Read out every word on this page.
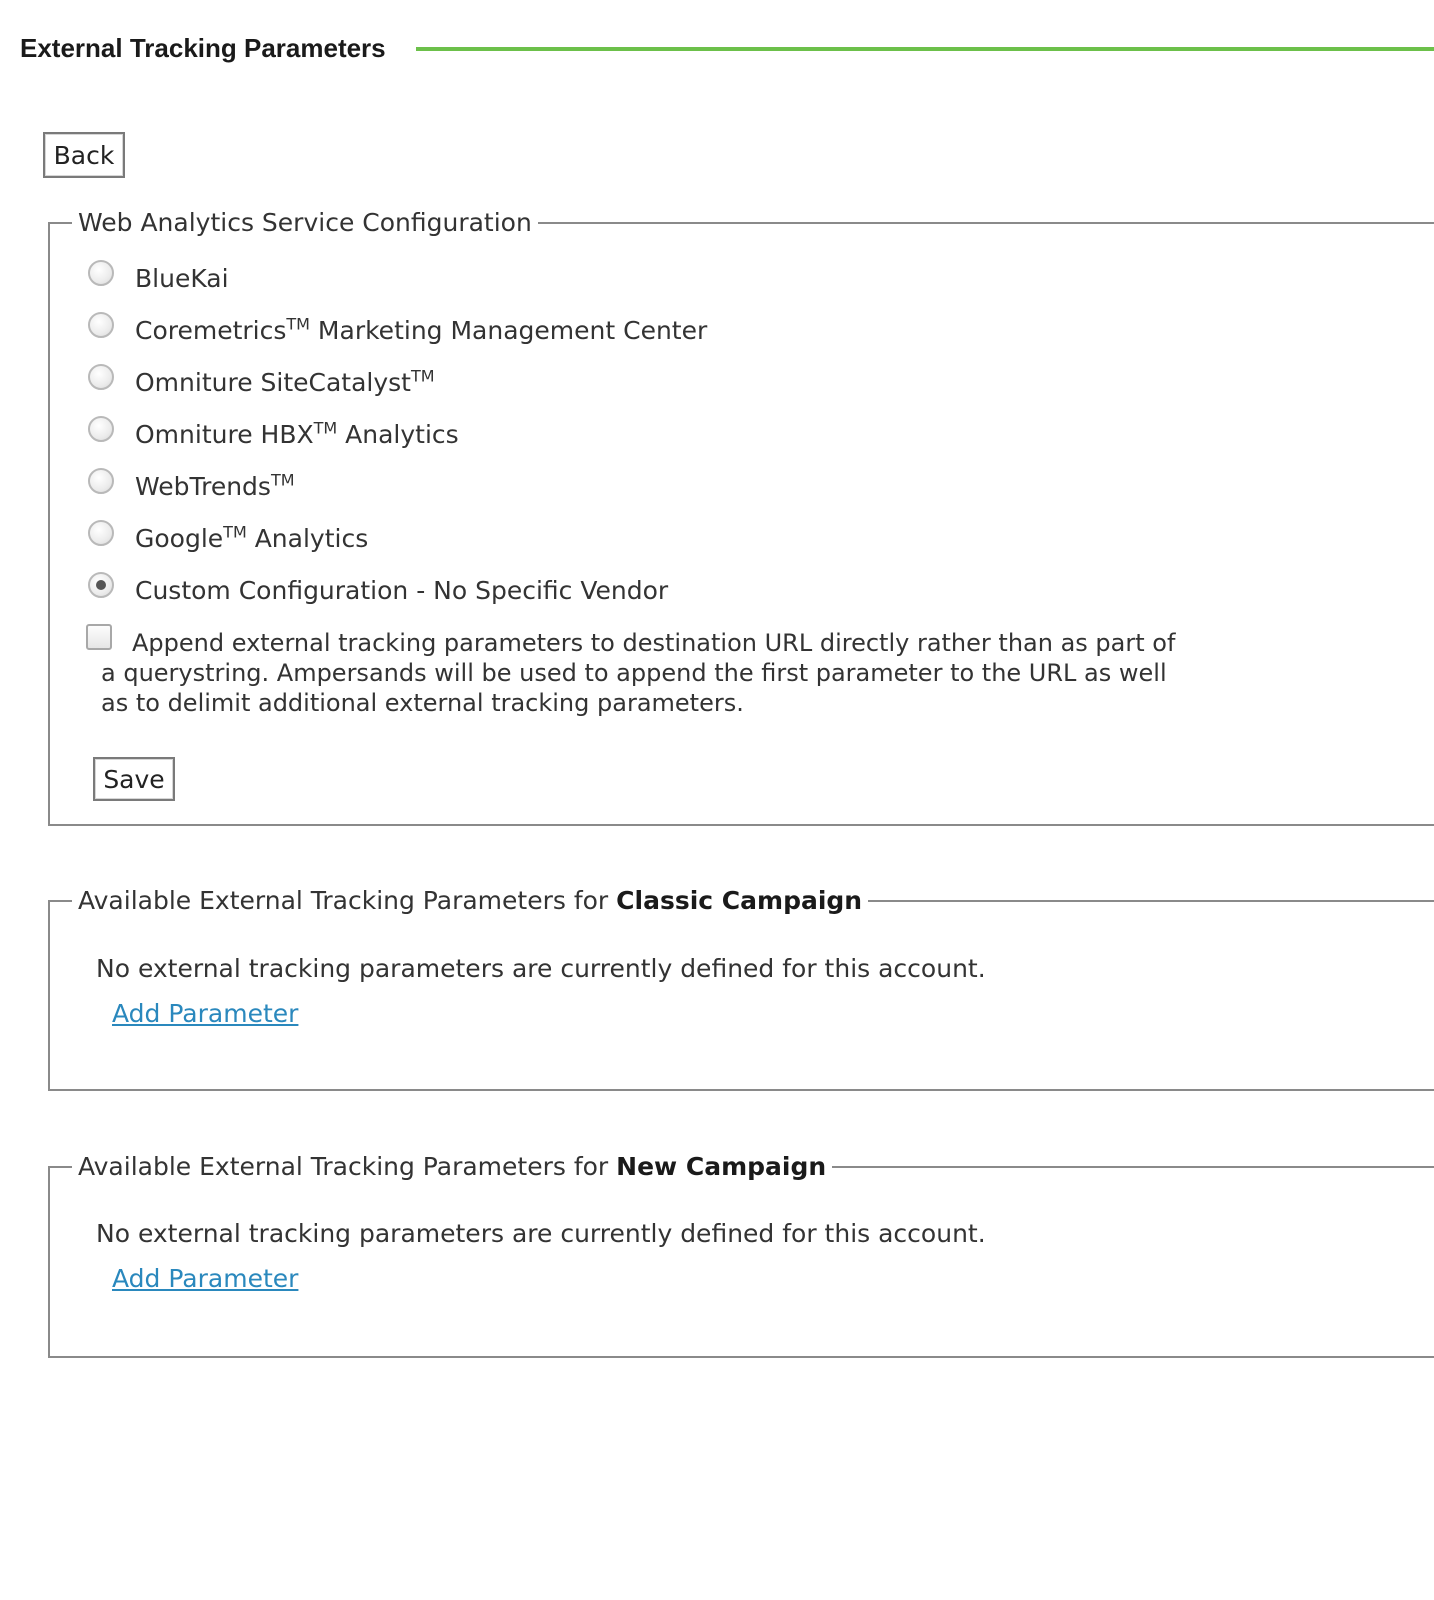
External Tracking Parameters
Back
Web Analytics Service Configuration
BlueKai
Coremetrics™ Marketing Management Center
Omniture SiteCatalyst™
Omniture HBX™ Analytics
WebTrends™
Google™ Analytics
Custom Configuration - No Specific Vendor
Append external tracking parameters to destination URL directly rather than as part of a querystring. Ampersands will be used to append the first parameter to the URL as well as to delimit additional external tracking parameters.
Save
Available External Tracking Parameters for Classic Campaign
No external tracking parameters are currently defined for this account.
Add Parameter
Available External Tracking Parameters for New Campaign
No external tracking parameters are currently defined for this account.
Add Parameter
